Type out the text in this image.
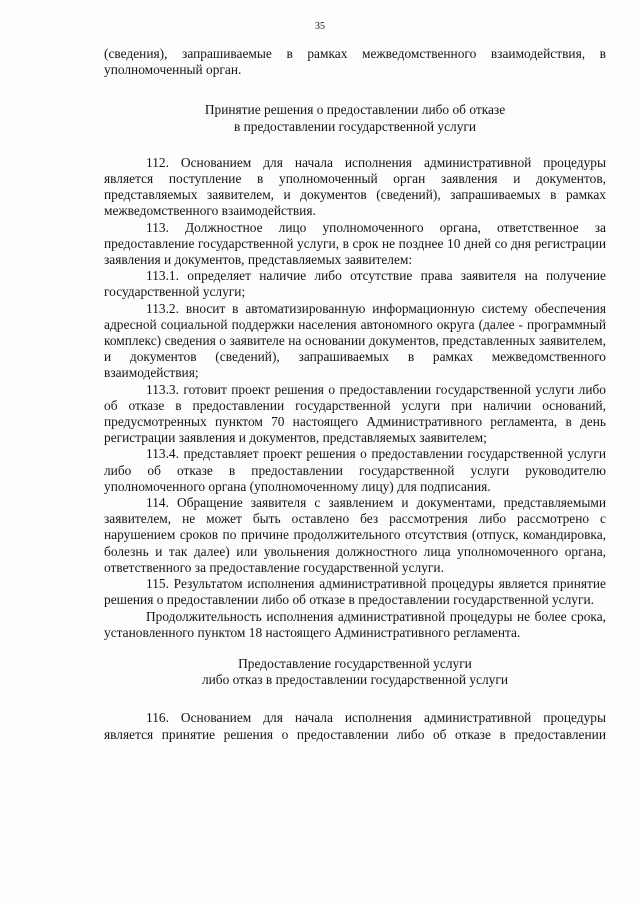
35

(сведения), запрашиваемые в рамках межведомственного взаимодействия, в уполномоченный орган.

Принятие решения о предоставлении либо об отказе

в предоставлении государственной услуги

112. Основанием для начала исполнения административной процедуры является поступление в уполномоченный орган заявления и документов, представляемых заявителем, и документов (сведений), запрашиваемых в рамках межведомственного взаимодействия.

113. Должностное лицо уполномоченного органа, ответственное за предоставление государственной услуги, в срок не позднее 10 дней со дня регистрации заявления и документов, представляемых заявителем:

113.1. определяет наличие либо отсутствие права заявителя на получение государственной услуги;

113.2. вносит в автоматизированную информационную систему обеспечения адресной социальной поддержки населения автономного округа (далее - программный комплекс) сведения о заявителе на основании документов, представленных заявителем, и документов (сведений), запрашиваемых в рамках межведомственного взаимодействия;

113.3. готовит проект решения о предоставлении государственной услуги либо об отказе в предоставлении государственной услуги при наличии оснований, предусмотренных пунктом 70 настоящего Административного регламента, в день регистрации заявления и документов, представляемых заявителем;

113.4. представляет проект решения о предоставлении государственной услуги либо об отказе в предоставлении государственной услуги руководителю уполномоченного органа (уполномоченному лицу) для подписания.

114. Обращение заявителя с заявлением и документами, представляемыми заявителем, не может быть оставлено без рассмотрения либо рассмотрено с нарушением сроков по причине продолжительного отсутствия (отпуск, командировка, болезнь и так далее) или увольнения должностного лица уполномоченного органа, ответственного за предоставление государственной услуги.

115. Результатом исполнения административной процедуры является принятие решения о предоставлении либо об отказе в предоставлении государственной услуги.

Продолжительность исполнения административной процедуры не более срока, установленного пунктом 18 настоящего Административного регламента.

Предоставление государственной услуги

либо отказ в предоставлении государственной услуги

116. Основанием для начала исполнения административной процедуры является принятие решения о предоставлении либо об отказе в предоставлении
